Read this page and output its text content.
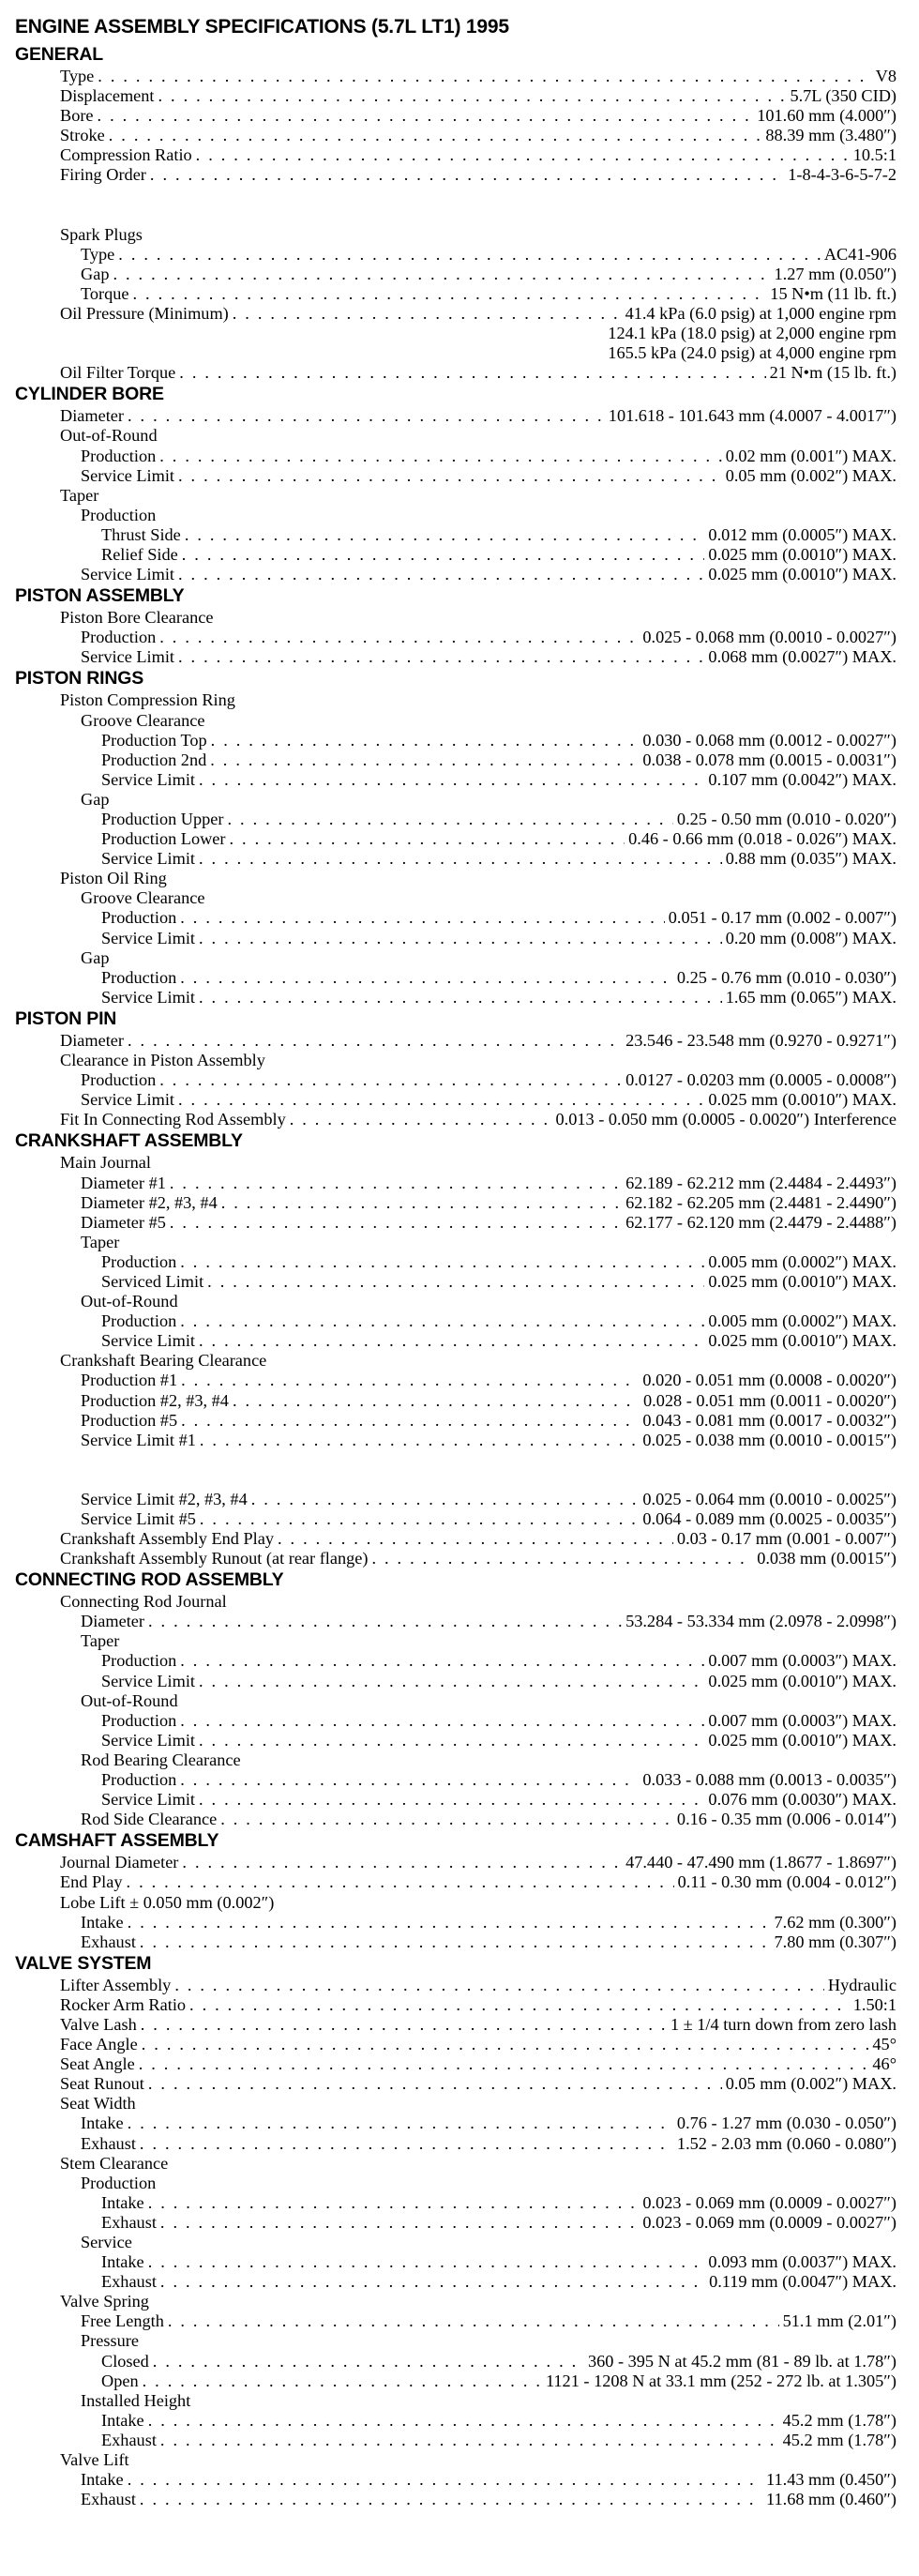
ENGINE ASSEMBLY SPECIFICATIONS (5.7L LT1) 1995
GENERAL
Type . . .	V8
Displacement . . .	5.7L (350 CID)
Bore . . .	101.60 mm (4.000″)
Stroke . . .	88.39 mm (3.480″)
Compression Ratio . . .	10.5:1
Firing Order . . .	1-8-4-3-6-5-7-2
Spark Plugs
Type . . .	AC41-906
Gap . . .	1.27 mm (0.050″)
Torque . . .	15 N•m (11 lb. ft.)
Oil Pressure (Minimum) . . .	41.4 kPa (6.0 psig) at 1,000 engine rpm
124.1 kPa (18.0 psig) at 2,000 engine rpm
165.5 kPa (24.0 psig) at 4,000 engine rpm
Oil Filter Torque . . .	21 N•m (15 lb. ft.)
CYLINDER BORE
Diameter . . .	101.618 - 101.643 mm (4.0007 - 4.0017″)
Out-of-Round
Production . . .	0.02 mm (0.001″) MAX.
Service Limit . . .	0.05 mm (0.002″) MAX.
Taper
Production
Thrust Side . . .	0.012 mm (0.0005″) MAX.
Relief Side . . .	0.025 mm (0.0010″) MAX.
Service Limit . . .	0.025 mm (0.0010″) MAX.
PISTON ASSEMBLY
Piston Bore Clearance
Production . . .	0.025 - 0.068 mm (0.0010 - 0.0027″)
Service Limit . . .	0.068 mm (0.0027″) MAX.
PISTON RINGS
Piston Compression Ring
Groove Clearance
Production Top . . .	0.030 - 0.068 mm (0.0012 - 0.0027″)
Production 2nd . . .	0.038 - 0.078 mm (0.0015 - 0.0031″)
Service Limit . . .	0.107 mm (0.0042″) MAX.
Gap
Production Upper . . .	0.25 - 0.50 mm (0.010 - 0.020″)
Production Lower . . .	0.46 - 0.66 mm (0.018 - 0.026″) MAX.
Service Limit . . .	0.88 mm (0.035″) MAX.
Piston Oil Ring
Groove Clearance
Production . . .	0.051 - 0.17 mm (0.002 - 0.007″)
Service Limit . . .	0.20 mm (0.008″) MAX.
Gap
Production . . .	0.25 - 0.76 mm (0.010 - 0.030″)
Service Limit . . .	1.65 mm (0.065″) MAX.
PISTON PIN
Diameter . . .	23.546 - 23.548 mm (0.9270 - 0.9271″)
Clearance in Piston Assembly
Production . . .	0.0127 - 0.0203 mm (0.0005 - 0.0008″)
Service Limit . . .	0.025 mm (0.0010″) MAX.
Fit In Connecting Rod Assembly . . .	0.013 - 0.050 mm (0.0005 - 0.0020″) Interference
CRANKSHAFT ASSEMBLY
Main Journal
Diameter #1 . . .	62.189 - 62.212 mm (2.4484 - 2.4493″)
Diameter #2, #3, #4 . . .	62.182 - 62.205 mm (2.4481 - 2.4490″)
Diameter #5 . . .	62.177 - 62.120 mm (2.4479 - 2.4488″)
Taper
Production . . .	0.005 mm (0.0002″) MAX.
Serviced Limit . . .	0.025 mm (0.0010″) MAX.
Out-of-Round
Production . . .	0.005 mm (0.0002″) MAX.
Service Limit . . .	0.025 mm (0.0010″) MAX.
Crankshaft Bearing Clearance
Production #1 . . .	0.020 - 0.051 mm (0.0008 - 0.0020″)
Production #2, #3, #4 . . .	0.028 - 0.051 mm (0.0011 - 0.0020″)
Production #5 . . .	0.043 - 0.081 mm (0.0017 - 0.0032″)
Service Limit #1 . . .	0.025 - 0.038 mm (0.0010 - 0.0015″)
Service Limit #2, #3, #4 . . .	0.025 - 0.064 mm (0.0010 - 0.0025″)
Service Limit #5 . . .	0.064 - 0.089 mm (0.0025 - 0.0035″)
Crankshaft Assembly End Play . . .	0.03 - 0.17 mm (0.001 - 0.007″)
Crankshaft Assembly Runout (at rear flange) . . .	0.038 mm (0.0015″)
CONNECTING ROD ASSEMBLY
Connecting Rod Journal
Diameter . . .	53.284 - 53.334 mm (2.0978 - 2.0998″)
Taper
Production . . .	0.007 mm (0.0003″) MAX.
Service Limit . . .	0.025 mm (0.0010″) MAX.
Out-of-Round
Production . . .	0.007 mm (0.0003″) MAX.
Service Limit . . .	0.025 mm (0.0010″) MAX.
Rod Bearing Clearance
Production . . .	0.033 - 0.088 mm (0.0013 - 0.0035″)
Service Limit . . .	0.076 mm (0.0030″) MAX.
Rod Side Clearance . . .	0.16 - 0.35 mm (0.006 - 0.014″)
CAMSHAFT ASSEMBLY
Journal Diameter . . .	47.440 - 47.490 mm (1.8677 - 1.8697″)
End Play . . .	0.11 - 0.30 mm (0.004 - 0.012″)
Lobe Lift ± 0.050 mm (0.002″)
Intake . . .	7.62 mm (0.300″)
Exhaust . . .	7.80 mm (0.307″)
VALVE SYSTEM
Lifter Assembly . . .	Hydraulic
Rocker Arm Ratio . . .	1.50:1
Valve Lash . . .	1 ± 1/4 turn down from zero lash
Face Angle . . .	45°
Seat Angle . . .	46°
Seat Runout . . .	0.05 mm (0.002″) MAX.
Seat Width
Intake . . .	0.76 - 1.27 mm (0.030 - 0.050″)
Exhaust . . .	1.52 - 2.03 mm (0.060 - 0.080″)
Stem Clearance
Production
Intake . . .	0.023 - 0.069 mm (0.0009 - 0.0027″)
Exhaust . . .	0.023 - 0.069 mm (0.0009 - 0.0027″)
Service
Intake . . .	0.093 mm (0.0037″) MAX.
Exhaust . . .	0.119 mm (0.0047″) MAX.
Valve Spring
Free Length . . .	51.1 mm (2.01″)
Pressure
Closed . . .	360 - 395 N at 45.2 mm (81 - 89 lb. at 1.78″)
Open . . .	1121 - 1208 N at 33.1 mm (252 - 272 lb. at 1.305″)
Installed Height
Intake . . .	45.2 mm (1.78″)
Exhaust . . .	45.2 mm (1.78″)
Valve Lift
Intake . . .	11.43 mm (0.450″)
Exhaust . . .	11.68 mm (0.460″)
